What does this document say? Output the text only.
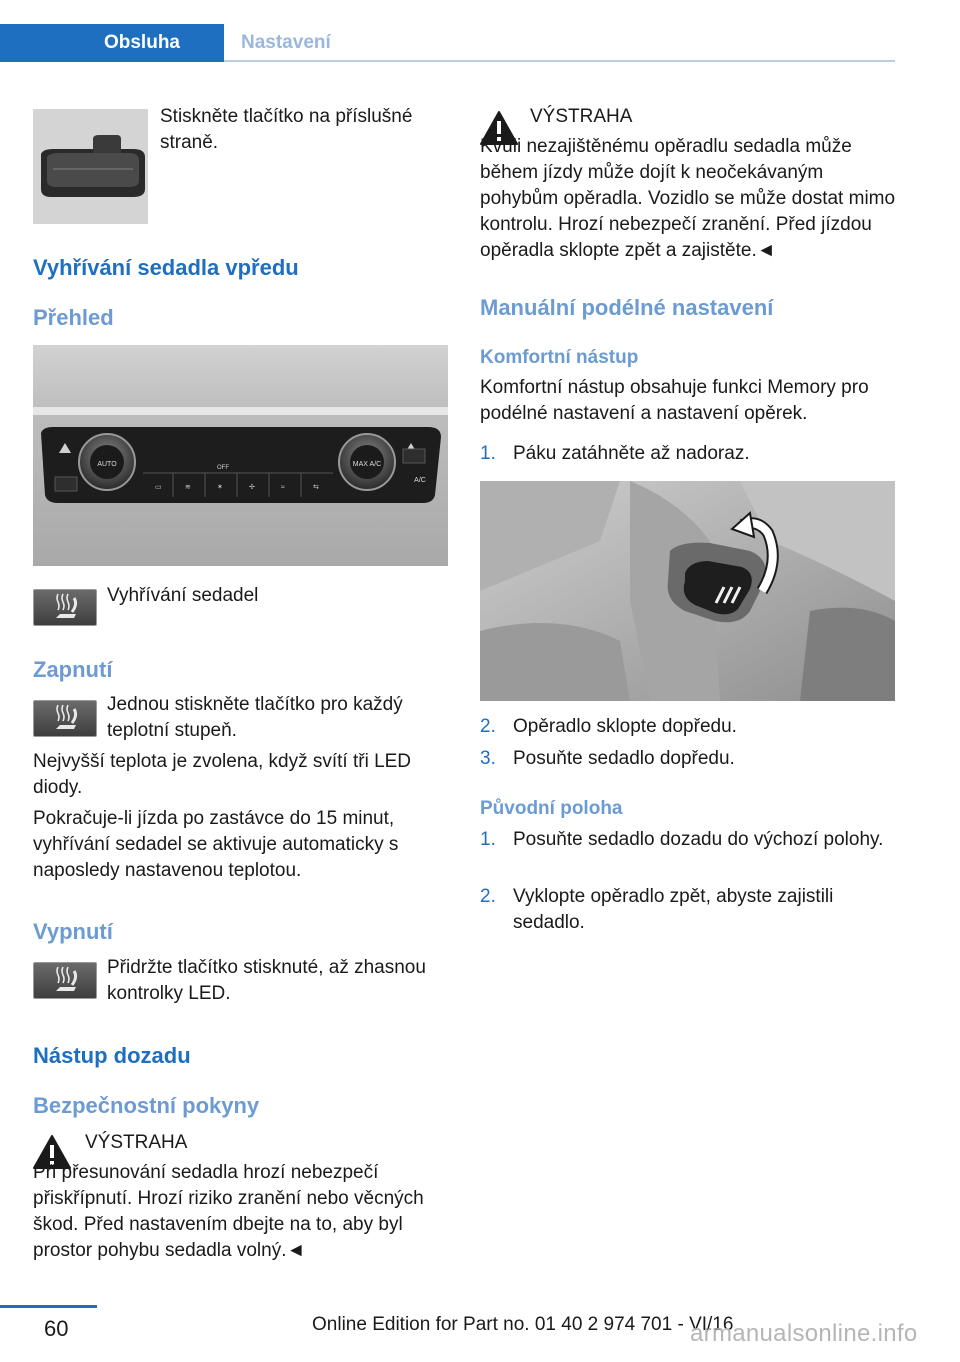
Obsluha	Nastavení
Stiskněte tlačítko na příslušné straně.
Vyhřívání sedadla vpředu
Přehled
AUTO	MAX A/C
A/C
▭	≋	✶	✢	≈	⇆
OFF
Vyhřívání sedadel
Zapnutí
Jednou stiskněte tlačítko pro každý teplotní stupeň.
Nejvyšší teplota je zvolena, když svítí tři LED diody.
Pokračuje-li jízda po zastávce do 15 minut, vyhřívání sedadel se aktivuje automaticky s naposledy nastavenou teplotou.
Vypnutí
Přidržte tlačítko stisknuté, až zhasnou kontrolky LED.
Nástup dozadu
Bezpečnostní pokyny
VÝSTRAHA
Při přesunování sedadla hrozí nebezpečí přiskřípnutí. Hrozí riziko zranění nebo věcných škod. Před nastavením dbejte na to, aby byl prostor pohybu sedadla volný.◄
VÝSTRAHA
Kvůli nezajištěnému opěradlu sedadla může během jízdy může dojít k neočekávaným pohybům opěradla. Vozidlo se může dostat mimo kontrolu. Hrozí nebezpečí zranění. Před jízdou opěradla sklopte zpět a zajistěte.◄
Manuální podélné nastavení
Komfortní nástup
Komfortní nástup obsahuje funkci Memory pro podélné nastavení a nastavení opěrek.
1. Páku zatáhněte až nadoraz.
2. Opěradlo sklopte dopředu.
3. Posuňte sedadlo dopředu.
Původní poloha
1. Posuňte sedadlo dozadu do výchozí polohy.
2. Vyklopte opěradlo zpět, abyste zajistili sedadlo.
60	Online Edition for Part no. 01 40 2 974 701 - VI/16
armanualsonline.info
